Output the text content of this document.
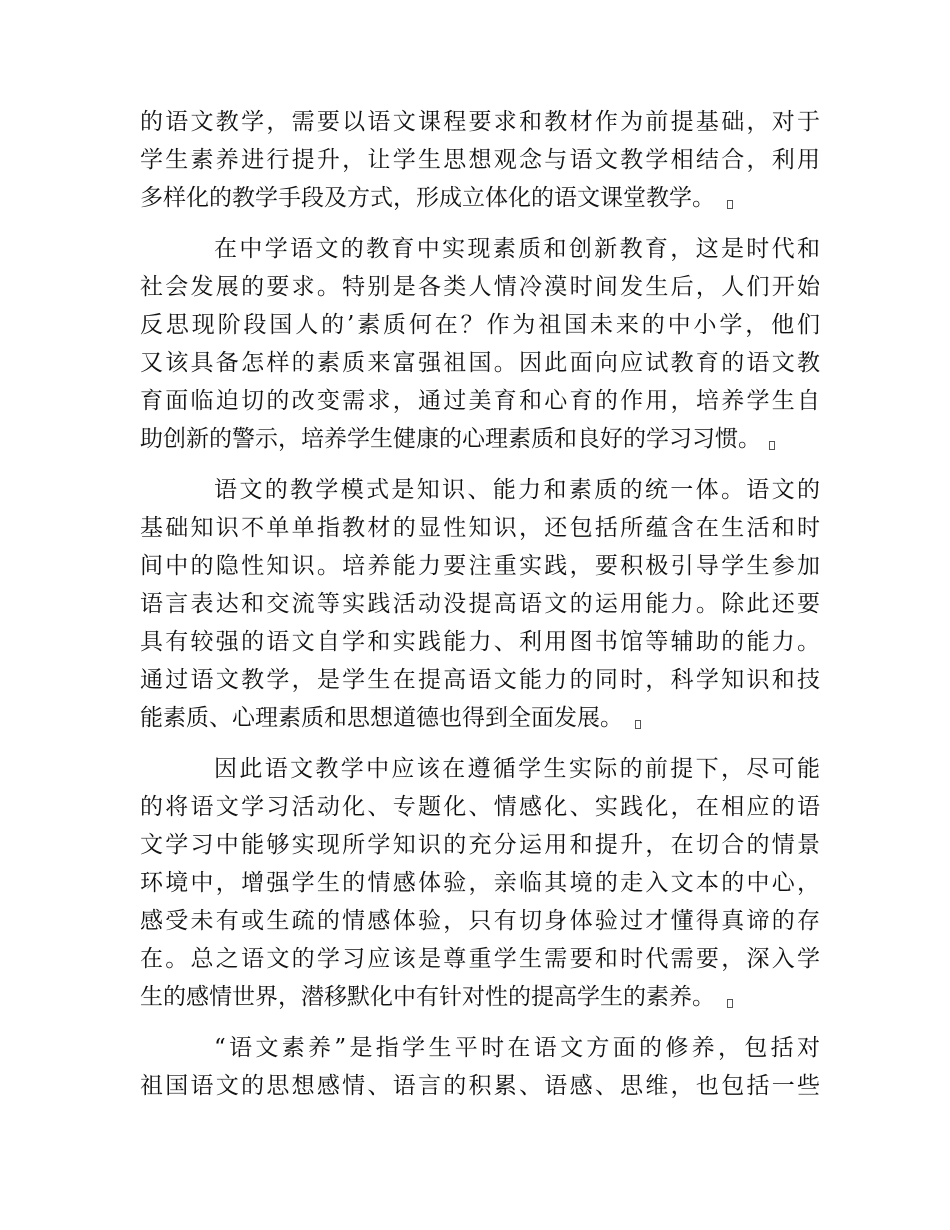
的语文教学，需要以语文课程要求和教材作为前提基础，对于
学生素养进行提升，让学生思想观念与语文教学相结合，利用
多样化的教学手段及方式，形成立体化的语文课堂教学。
在中学语文的教育中实现素质和创新教育，这是时代和
社会发展的要求。特别是各类人情冷漠时间发生后，人们开始
反思现阶段国人的’素质何在？作为祖国未来的中小学，他们
又该具备怎样的素质来富强祖国。因此面向应试教育的语文教
育面临迫切的改变需求，通过美育和心育的作用，培养学生自
助创新的警示，培养学生健康的心理素质和良好的学习习惯。
语文的教学模式是知识、能力和素质的统一体。语文的
基础知识不单单指教材的显性知识，还包括所蕴含在生活和时
间中的隐性知识。培养能力要注重实践，要积极引导学生参加
语言表达和交流等实践活动没提高语文的运用能力。除此还要
具有较强的语文自学和实践能力、利用图书馆等辅助的能力。
通过语文教学，是学生在提高语文能力的同时，科学知识和技
能素质、心理素质和思想道德也得到全面发展。
因此语文教学中应该在遵循学生实际的前提下，尽可能
的将语文学习活动化、专题化、情感化、实践化，在相应的语
文学习中能够实现所学知识的充分运用和提升，在切合的情景
环境中，增强学生的情感体验，亲临其境的走入文本的中心，
感受未有或生疏的情感体验，只有切身体验过才懂得真谛的存
在。总之语文的学习应该是尊重学生需要和时代需要，深入学
生的感情世界，潜移默化中有针对性的提高学生的素养。
“语文素养”是指学生平时在语文方面的修养，包括对
祖国语文的思想感情、语言的积累、语感、思维，也包括一些
